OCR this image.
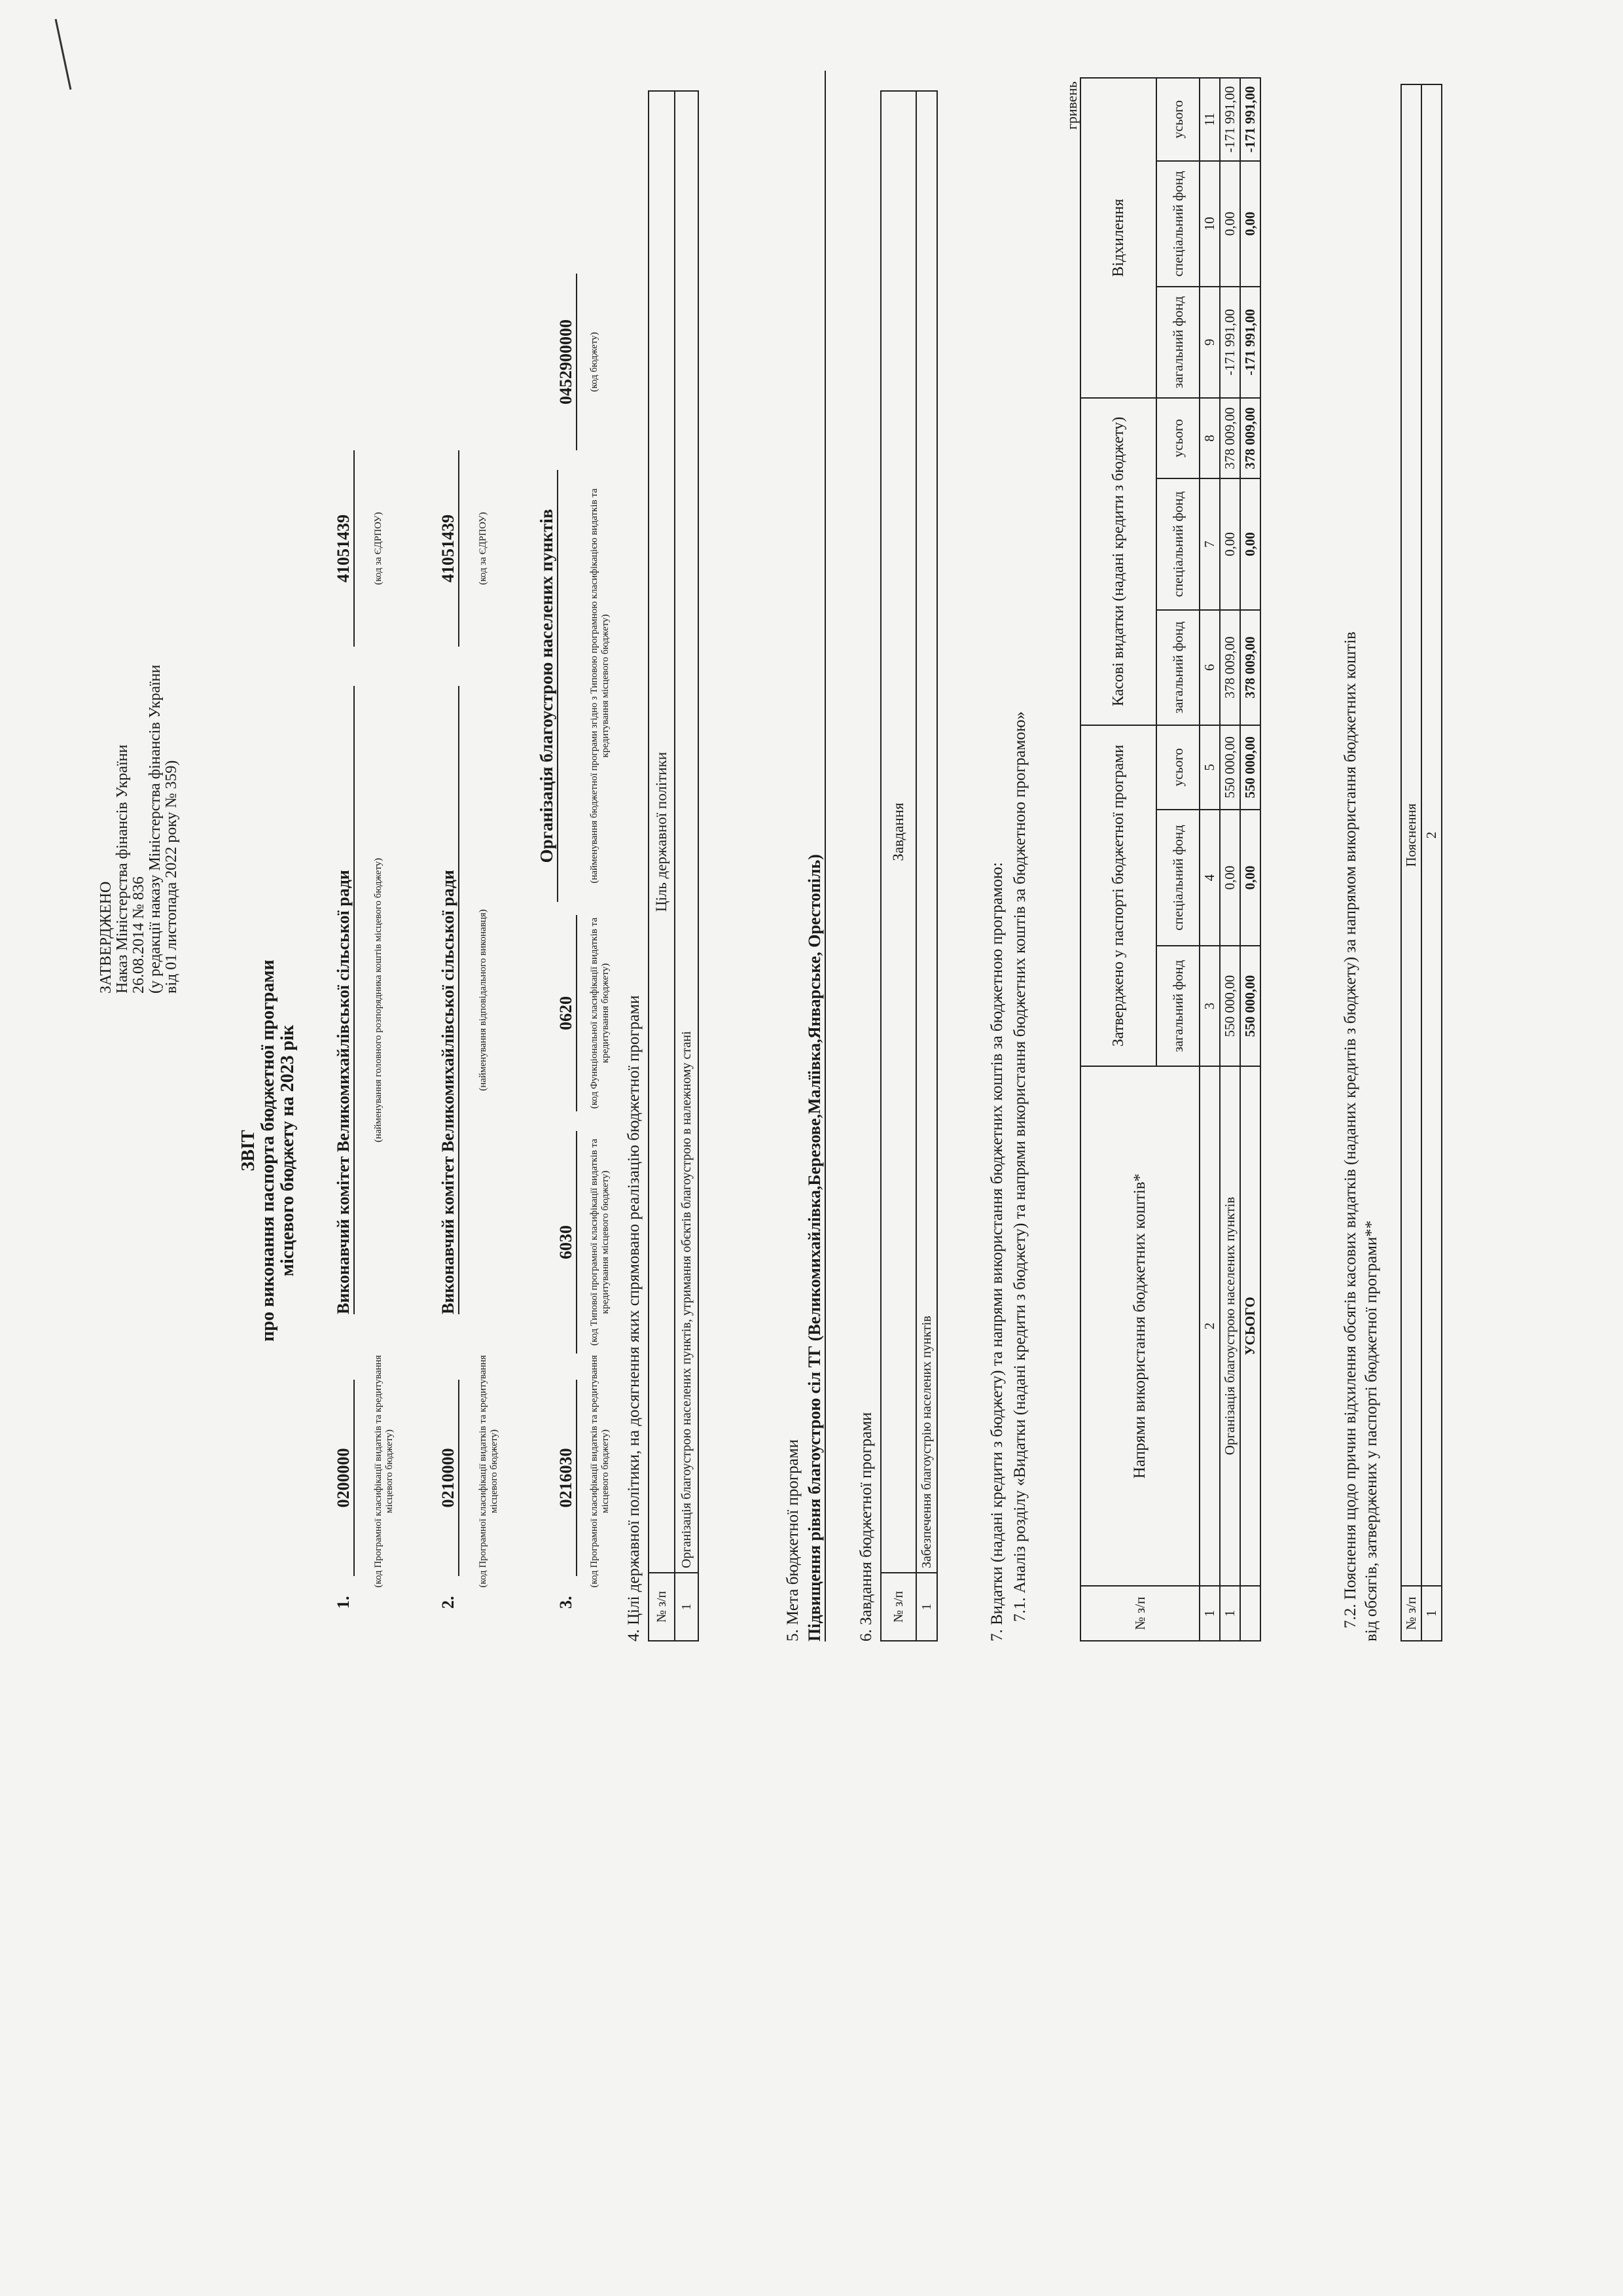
ЗАТВЕРДЖЕНО Наказ Міністерства фінансів України 26.08.2014 № 836 (у редакції наказу Міністерства фінансів України від 01 листопада 2022 року № 359)
ЗВІТ про виконання паспорта бюджетної програми місцевого бюджету на 2023 рік
1.
0200000 (код Програмної класифікації видатків та кредитування місцевого бюджету)
Виконавчий комітет Великомихайлівської сільської ради (найменування головного розпорядника коштів місцевого бюджету)
41051439 (код за ЄДРПОУ)
2.
0210000 (код Програмної класифікації видатків та кредитування місцевого бюджету)
Виконавчий комітет Великомихайлівської сільської ради (найменування відповідального виконавця)
41051439 (код за ЄДРПОУ)
3.
0216030 (код Програмної класифікації видатків та кредитування місцевого бюджету)
6030 (код Типової програмної класифікації видатків та кредитування місцевого бюджету)
0620 (код Функціональної класифікації видатків та кредитування бюджету)
Організація благоустрою населених пунктів	(найменування бюджетної програми згідно з Типовою програмною класифікацією видатків та кредитування місцевого бюджету)
0452900000 (код бюджету)
4. Цілі державної політики, на досягнення яких спрямовано реалізацію бюджетної програми № з/п	Ціль державної політики
1	Організація благоустрою населених пунктів, утримання обєктів благоустрою в належному стані	5. Мета бюджетної програми Підвищення рівня благоустрою сіл ТГ (Великомихайлівка,Березове,Малїівка,Январське, Орестопіль) 6. Завдання бюджетної програми № з/п	Завдання
1	Забезпечення благоустрію населених пунктів	7. Видатки (надані кредити з бюджету) та напрями використання бюджетних коштів за бюджетною програмою: 7.1. Аналіз розділу «Видатки (надані кредити з бюджету) та напрями використання бюджетних коштів за бюджетною програмою»
гривень
№ з/п	Напрями використання бюджетних коштів*	Затверджено у паспорті бюджетної програми			Касові видатки (надані кредити з бюджету)			Відхилення		
		загальний фонд	спеціальний фонд	усього	загальний фонд	спеціальний фонд	усього	загальний фонд	спеціальний фонд	усього
1	2	3	4	5	6	7	8	9	10	11
1	Організація благоустрою населених пунктів	550 000,00	0,00	550 000,00	378 009,00	0,00	378 009,00	-171 991,00	0,00	-171 991,00
	УСЬОГО	550 000,00	0,00	550 000,00	378 009,00	0,00	378 009,00	-171 991,00	0,00	-171 991,00
7.2. Пояснення щодо причин відхилення обсягів касових видатків (наданих кредитів з бюджету) за напрямом використання бюджетних коштів від обсягів, затверджених у паспорті бюджетної програми** № з/п	Пояснення
1	2
